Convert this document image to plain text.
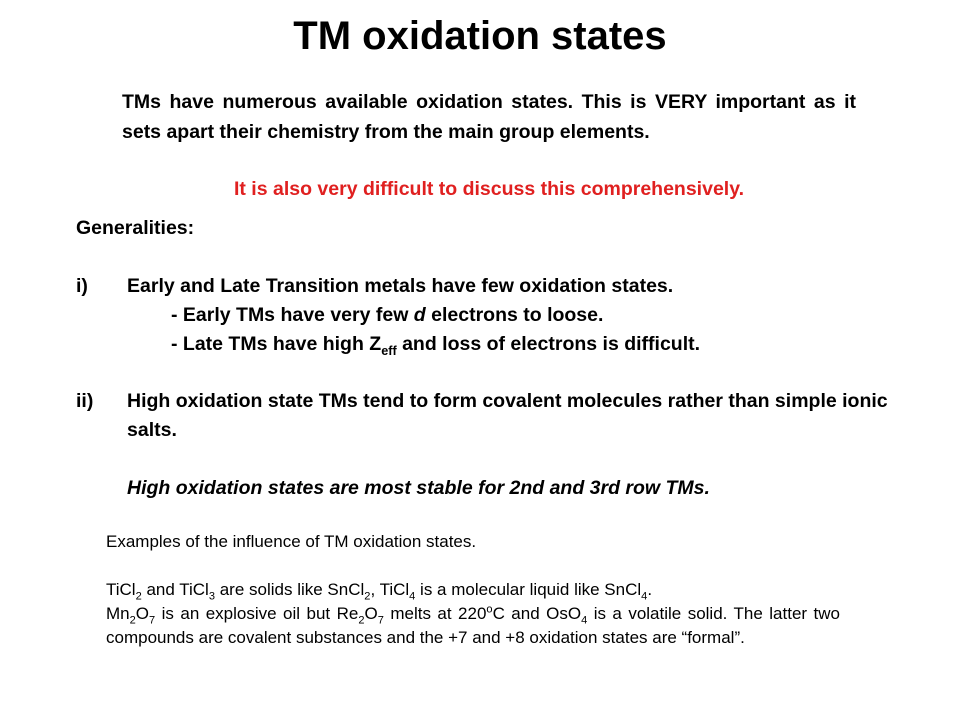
TM oxidation states
TMs have numerous available oxidation states. This is VERY important as it sets apart their chemistry from the main group elements.
It is also very difficult to discuss this comprehensively.
Generalities:
i) Early and Late Transition metals have few oxidation states.
- Early TMs have very few d electrons to loose.
- Late TMs have high $Z_{eff}$ and loss of electrons is difficult.
ii) High oxidation state TMs tend to form covalent molecules rather than simple ionic salts.
High oxidation states are most stable for 2nd and 3rd row TMs.
Examples of the influence of TM oxidation states.
TiCl$_2$ and TiCl$_3$ are solids like SnCl$_2$, TiCl$_4$ is a molecular liquid like SnCl$_4$.
$Mn_2O_7$ is an explosive oil but $Re_2O_7$ melts at 220$^o$C and OsO$_4$ is a volatile solid. The latter two compounds are covalent substances and the +7 and +8 oxidation states are “formal”.
